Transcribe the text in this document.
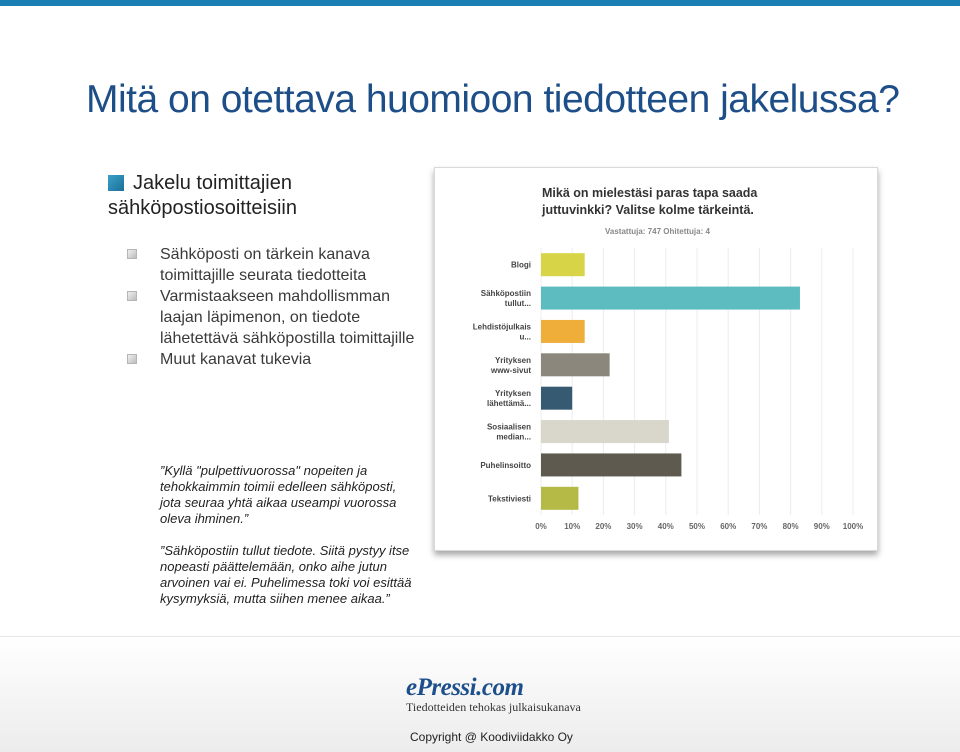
Mitä on otettava huomioon tiedotteen jakelussa?
Jakelu toimittajien
sähköpostiosoitteisiin
Sähköposti on tärkein kanava toimittajille seurata tiedotteita
Varmistaakseen mahdollismman laajan läpimenon, on tiedote lähetettävä sähköpostilla toimittajille
Muut kanavat tukevia
”Kyllä "pulpettivuorossa" nopeiten ja tehokkaimmin toimii edelleen sähköposti, jota seuraa yhtä aikaa useampi vuorossa oleva ihminen.”
”Sähköpostiin tullut tiedote. Siitä pystyy itse nopeasti päättelemään, onko aihe jutun arvoinen vai ei. Puhelimessa toki voi esittää kysymyksiä, mutta siihen menee aikaa.”
Mikä on mielestäsi paras tapa saada juttuvinkki? Valitse kolme tärkeintä.
Vastattuja: 747 Ohitettuja: 4
0% 10% 20% 30% 40% 50% 60% 70% 80% 90% 100%
Blogi
Sähköpostiin tullut...
Lehdistöjulkais u...
Yrityksen www-sivut
Yrityksen lähettämä...
Sosiaalisen median...
Puhelinsoitto
Tekstiviesti
ePressi.com
Tiedotteiden tehokas julkaisukanava
Copyright @ Koodiviidakko Oy
